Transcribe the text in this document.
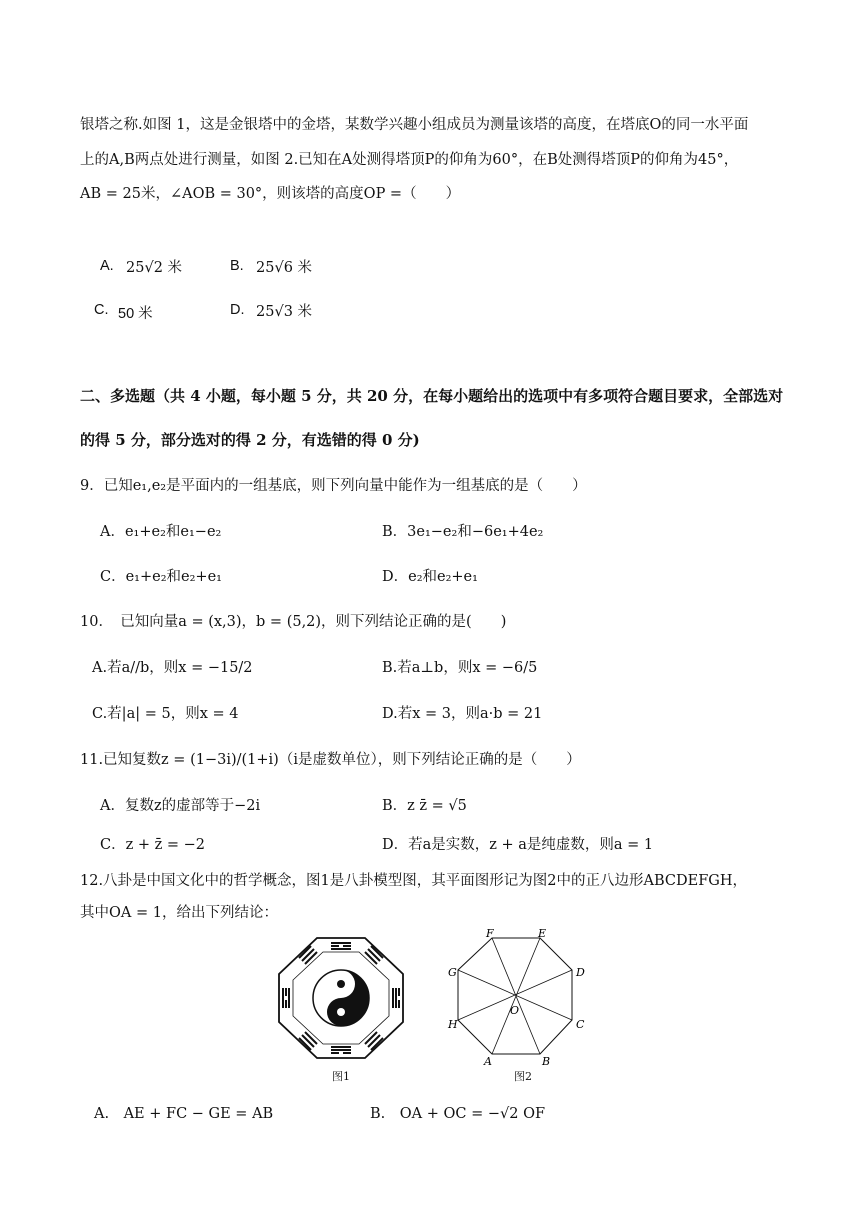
银塔之称.如图 1，这是金银塔中的金塔，某数学兴趣小组成员为测量该塔的高度，在塔底O的同一水平面
上的A,B两点处进行测量，如图 2.已知在A处测得塔顶P的仰角为60°，在B处测得塔顶P的仰角为45°，
AB = 25米，∠AOB = 30°，则该塔的高度OP =（　　）
A. 25√2 米	B. 25√6 米
C. 50 米	D. 25√3 米
二、多选题（共 4 小题，每小题 5 分，共 20 分，在每小题给出的选项中有多项符合题目要求，全部选对
的得 5 分，部分选对的得 2 分，有选错的得 0 分)
9．已知e₁,e₂是平面内的一组基底，则下列向量中能作为一组基底的是（　　）
A．e₁+e₂和e₁−e₂	B．3e₁−e₂和−6e₁+4e₂
C．e₁+e₂和e₂+e₁	D．e₂和e₂+e₁
10．　已知向量a = (x,3)，b = (5,2)，则下列结论正确的是(　　)
A.若a//b，则x = −15/2	B.若a⊥b，则x = −6/5
C.若|a| = 5，则x = 4	D.若x = 3，则a·b = 21
11.已知复数z = (1−3i)/(1+i)（i是虚数单位），则下列结论正确的是（　　）
A．复数z的虚部等于−2i	B．z z̄ = √5
C．z + z̄ = −2	D．若a是实数，z + a是纯虚数，则a = 1
12.八卦是中国文化中的哲学概念，图1是八卦模型图，其平面图形记为图2中的正八边形ABCDEFGH，
其中OA = 1，给出下列结论：
图1
A	B
C
D
E
F
G
H
O
图2
A.　AE + FC − GE = AB	B.　OA + OC = −√2 OF
